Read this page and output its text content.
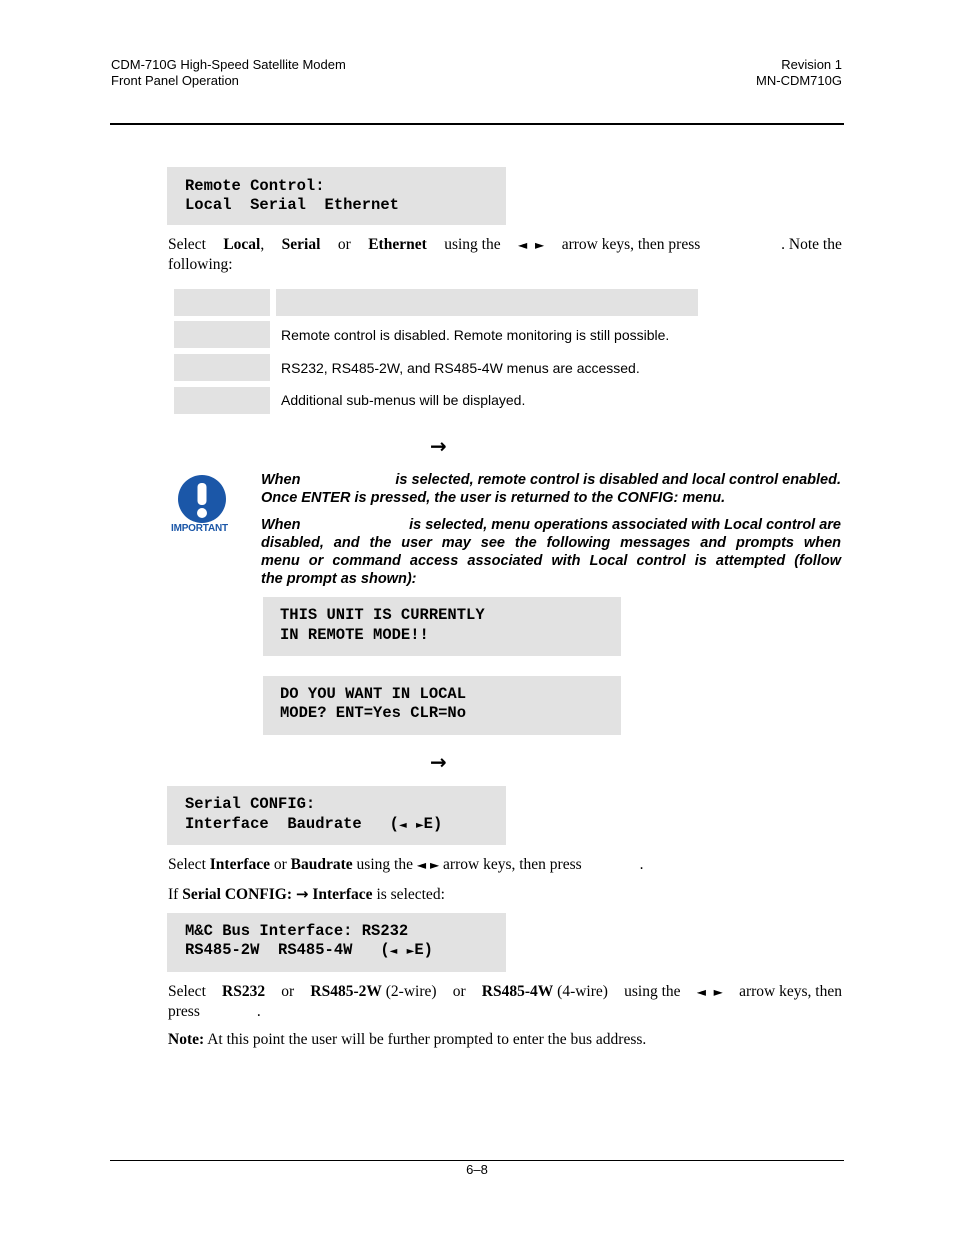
CDM-710G High-Speed Satellite Modem
Front Panel Operation
Revision 1
MN-CDM710G
Remote Control:
Local  Serial  Ethernet
Select Local, Serial or Ethernet using the ◄ ► arrow keys, then press	. Note the
following:
Remote control is disabled. Remote monitoring is still possible.
RS232, RS485-2W, and RS485-4W menus are accessed.
Additional sub-menus will be displayed.
→
IMPORTANT
When	is selected, remote control is disabled and local control enabled.
Once ENTER is pressed, the user is returned to the CONFIG: menu.
When	is selected, menu operations associated with Local control are
disabled, and the user may see the following messages and prompts when
menu or command access associated with Local control is attempted (follow
the prompt as shown):
THIS UNIT IS CURRENTLY
IN REMOTE MODE!!
DO YOU WANT IN LOCAL
MODE? ENT=Yes CLR=No
→
Serial CONFIG:
Interface  Baudrate   (◄ ►E)
Select Interface or Baudrate using the ◄ ► arrow keys, then press	.
If Serial CONFIG: → Interface is selected:
M&C Bus Interface: RS232
RS485-2W  RS485-4W   (◄ ►E)
Select RS232 or RS485-2W (2-wire) or RS485-4W (4-wire) using the ◄ ► arrow keys, then
press	.
Note: At this point the user will be further prompted to enter the bus address.
6–8
